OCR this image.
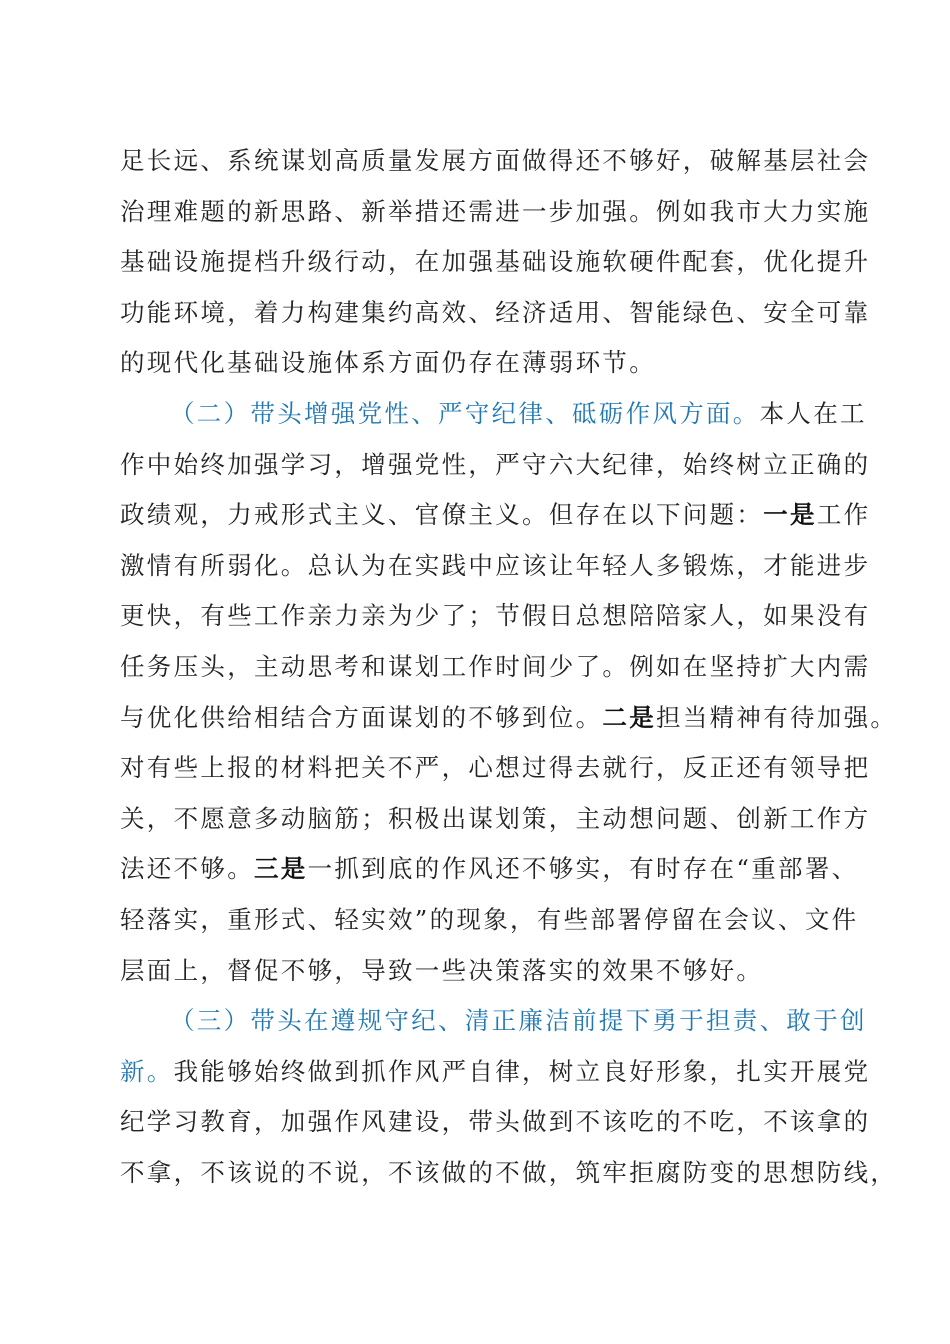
足长远、系统谋划高质量发展方面做得还不够好，破解基层社会
治理难题的新思路、新举措还需进一步加强。例如我市大力实施
基础设施提档升级行动，在加强基础设施软硬件配套，优化提升
功能环境，着力构建集约高效、经济适用、智能绿色、安全可靠
的现代化基础设施体系方面仍存在薄弱环节。
（二）带头增强党性、严守纪律、砥砺作风方面。本人在工
作中始终加强学习，增强党性，严守六大纪律，始终树立正确的
政绩观，力戒形式主义、官僚主义。但存在以下问题：一是工作
激情有所弱化。总认为在实践中应该让年轻人多锻炼，才能进步
更快，有些工作亲力亲为少了；节假日总想陪陪家人，如果没有
任务压头，主动思考和谋划工作时间少了。例如在坚持扩大内需
与优化供给相结合方面谋划的不够到位。二是担当精神有待加强。
对有些上报的材料把关不严，心想过得去就行，反正还有领导把
关，不愿意多动脑筋；积极出谋划策，主动想问题、创新工作方
法还不够。三是一抓到底的作风还不够实，有时存在“重部署、
轻落实，重形式、轻实效”的现象，有些部署停留在会议、文件
层面上，督促不够，导致一些决策落实的效果不够好。
（三）带头在遵规守纪、清正廉洁前提下勇于担责、敢于创
新。我能够始终做到抓作风严自律，树立良好形象，扎实开展党
纪学习教育，加强作风建设，带头做到不该吃的不吃，不该拿的
不拿，不该说的不说，不该做的不做，筑牢拒腐防变的思想防线，
